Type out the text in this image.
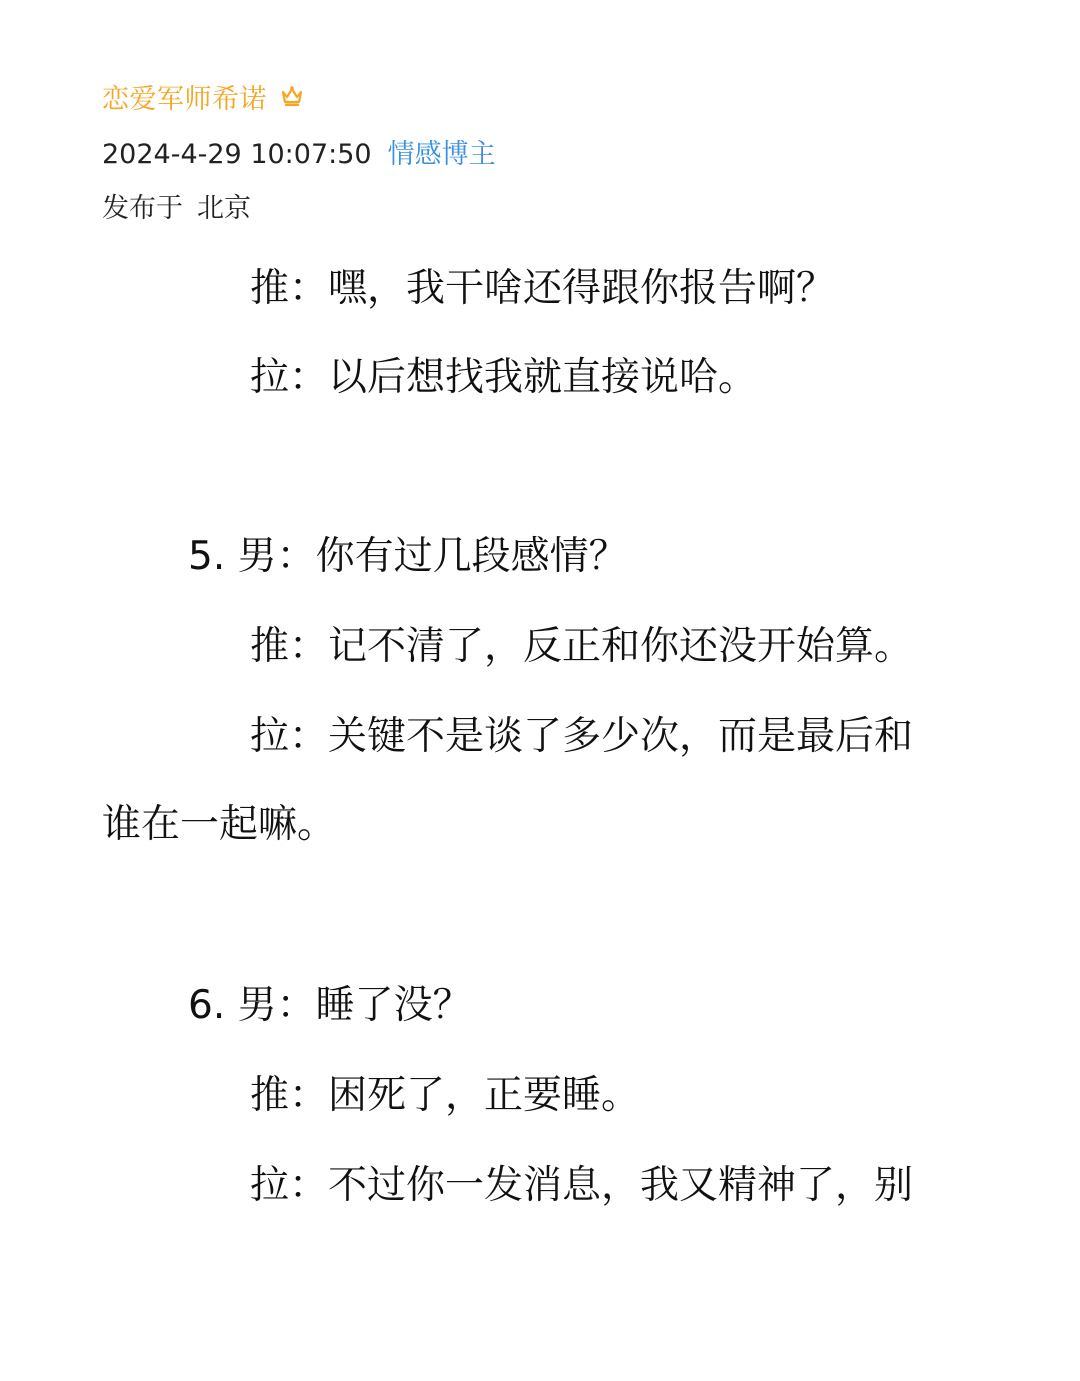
恋爱军师希诺
2024-4-29 10:07:50 情感博主
发布于 北京
推：嘿，我干啥还得跟你报告啊？
拉：以后想找我就直接说哈。
5. 男：你有过几段感情？
推：记不清了，反正和你还没开始算。
拉：关键不是谈了多少次，而是最后和
谁在一起嘛。
6. 男：睡了没？
推：困死了，正要睡。
拉：不过你一发消息，我又精神了，别
